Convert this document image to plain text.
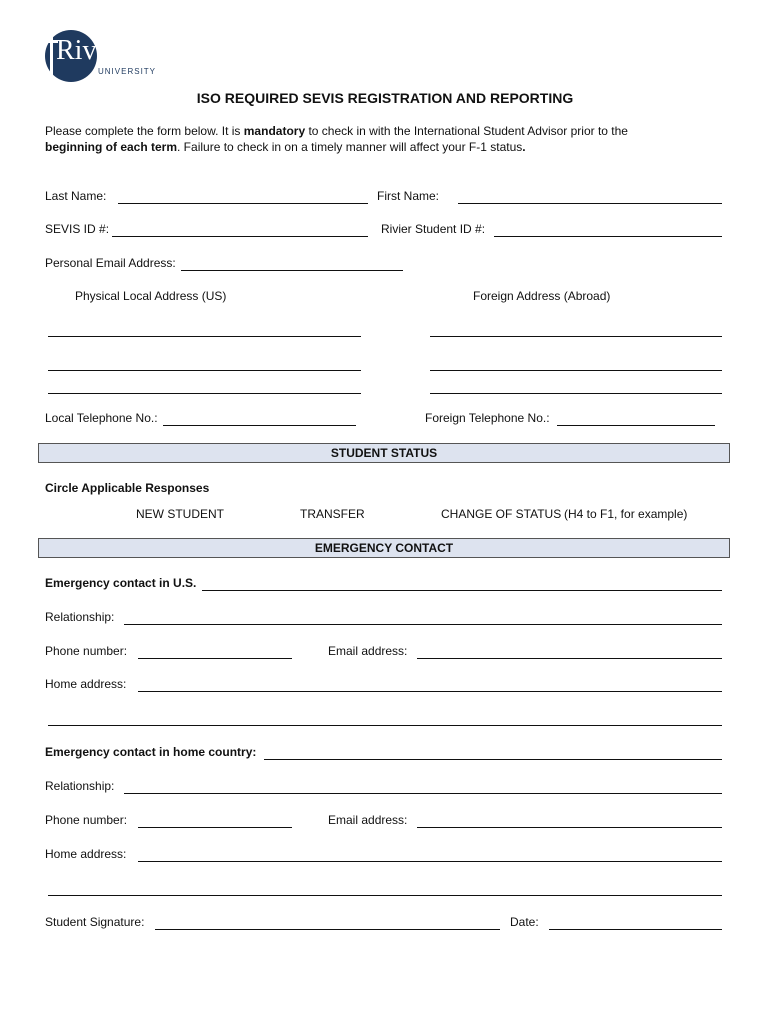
Rivier
UNIVERSITY
ISO REQUIRED SEVIS REGISTRATION AND REPORTING
Please complete the form below. It is mandatory to check in with the International Student Advisor prior to the
beginning of each term. Failure to check in on a timely manner will affect your F-1 status.
Last Name:	First Name:
SEVIS ID #:	Rivier Student ID #:
Personal Email Address:
Physical Local Address (US)	Foreign Address (Abroad)
Local Telephone No.:	Foreign Telephone No.:
STUDENT STATUS
Circle Applicable Responses
NEW STUDENT	TRANSFER	CHANGE OF STATUS (H4 to F1, for example)
EMERGENCY CONTACT
Emergency contact in U.S.
Relationship:
Phone number:	Email address:
Home address:
Emergency contact in home country:
Relationship:
Phone number:	Email address:
Home address:
Student Signature:	Date:
